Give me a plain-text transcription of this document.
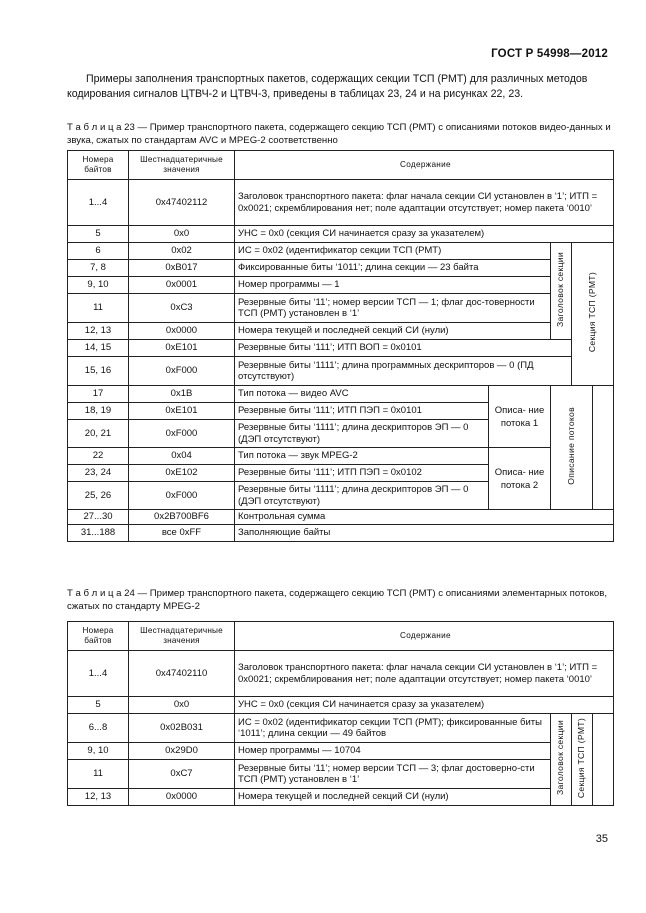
ГОСТ Р 54998—2012
Примеры заполнения транспортных пакетов, содержащих секции ТСП (РМТ) для различных методов кодирования сигналов ЦТВЧ-2 и ЦТВЧ-3, приведены в таблицах 23, 24 и на рисунках 22, 23.
Т а б л и ц а 23 — Пример транспортного пакета, содержащего секцию ТСП (РМТ) с описаниями потоков видео-данных и звука, сжатых по стандартам AVC и MPEG-2 соответственно
Номера байтов	Шестнадцатеричные значения	Содержание				
1...4	0x47402112	Заголовок транспортного пакета: флаг начала секции СИ установлен в ‘1’; ИТП = 0x0021; скремблирования нет; поле адаптации отсутствует; номер пакета ‘0010’				
5	0x0	УНС = 0x0 (секция СИ начинается сразу за указателем)				
6	0x02	ИС = 0x02 (идентификатор секции ТСП (РМТ)		Заголовок секции	Секция ТСП (РМТ)	
7, 8	0xB017	Фиксированные биты ‘1011’; длина секции — 23 байта				
9, 10	0x0001	Номер программы — 1				
11	0xC3	Резервные биты ‘11’; номер версии ТСП — 1; флаг дос-товерности ТСП (РМТ) установлен в ‘1’				
12, 13	0x0000	Номера текущей и последней секций СИ (нули)				
14, 15	0xE101	Резервные биты ‘111’; ИТП ВОП = 0x0101				
15, 16	0xF000	Резервные биты ‘1111’; длина программных дескрипторов — 0 (ПД отсутствуют)				
17	0x1B	Тип потока — видео AVC	Описа- ние потока 1	Описание потоков		
18, 19	0xE101	Резервные биты ‘111’; ИТП ПЭП = 0x0101				
20, 21	0xF000	Резервные биты ‘1111’; длина дескрипторов ЭП — 0 (ДЭП отсутствуют)				
22	0x04	Тип потока — звук MPEG-2	Описа- ние потока 2			
23, 24	0xE102	Резервные биты ‘111’; ИТП ПЭП = 0x0102				
25, 26	0xF000	Резервные биты ‘1111’; длина дескрипторов ЭП — 0 (ДЭП отсутствуют)				
27...30	0x2B700BF6	Контрольная сумма				
31...188	все 0xFF	Заполняющие байты				
Т а б л и ц а 24 — Пример транспортного пакета, содержащего секцию ТСП (РМТ) с описаниями элементарных потоков, сжатых по стандарту MPEG-2
Номера байтов	Шестнадцатеричные значения	Содержание			
1...4	0x47402110	Заголовок транспортного пакета: флаг начала секции СИ установлен в ‘1’; ИТП = 0x0021; скремблирования нет; поле адаптации отсутствует; номер пакета ‘0010’			
5	0x0	УНС = 0x0 (секция СИ начинается сразу за указателем)			
6...8	0x02B031	ИС = 0x02 (идентификатор секции ТСП (РМТ); фиксированные биты ‘1011’; длина секции — 49 байтов	Заголовок секции	Секция ТСП (РМТ)	
9, 10	0x29D0	Номер программы — 10704			
11	0xC7	Резервные биты ‘11’; номер версии ТСП — 3; флаг достоверно-сти ТСП (РМТ) установлен в ‘1’			
12, 13	0x0000	Номера текущей и последней секций СИ (нули)			
35
